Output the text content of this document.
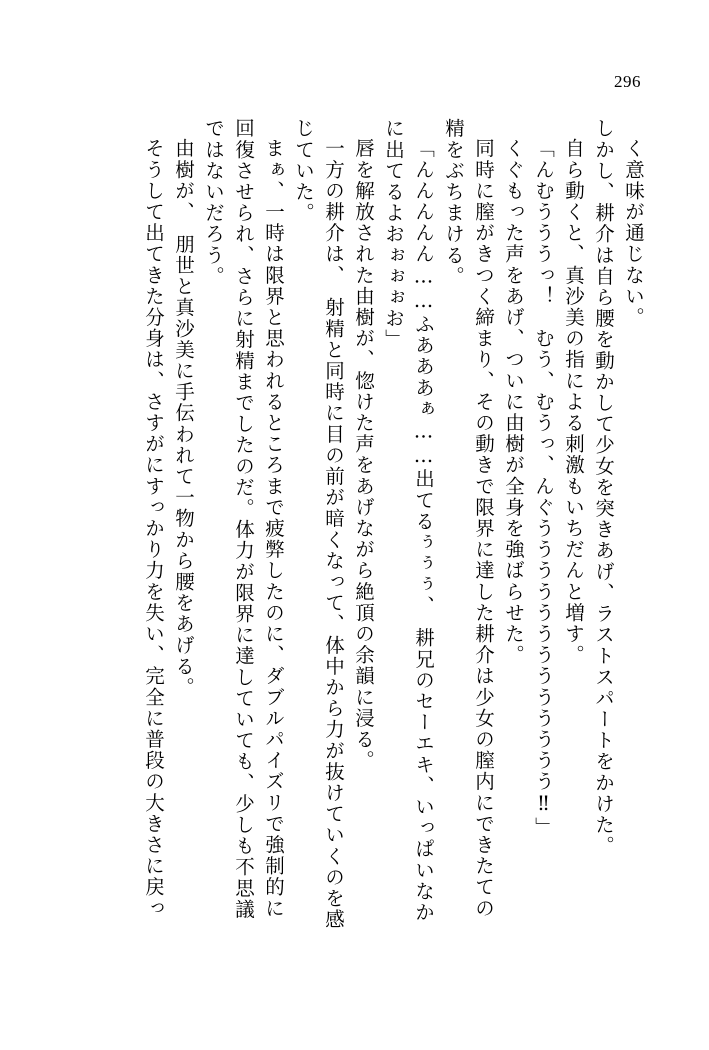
296
く意味が通じない。
しかし、耕介は自ら腰を動かして少女を突きあげ、ラストスパートをかけた。
自ら動くと、真沙美の指による刺激もいちだんと増す。
「んむうううっ！　むう、むうっ、んぐううううううううううううう‼」
くぐもった声をあげ、ついに由樹が全身を強ばらせた。
同時に膣がきつく締まり、その動きで限界に達した耕介は少女の膣内にできたての
精をぶちまける。
「んんんんん……ふあああぁ……出てるぅぅぅ、　耕兄のセーエキ、いっぱいなか
に出てるよおぉぉぉお」
唇を解放された由樹が、惚けた声をあげながら絶頂の余韻に浸る。
一方の耕介は、　射精と同時に目の前が暗くなって、体中から力が抜けていくのを感
じていた。
まぁ、一時は限界と思われるところまで疲弊したのに、ダブルパイズリで強制的に
回復させられ、さらに射精までしたのだ。体力が限界に達していても、少しも不思議
ではないだろう。
由樹が、　朋世と真沙美に手伝われて一物から腰をあげる。
そうして出てきた分身は、さすがにすっかり力を失い、完全に普段の大きさに戻っ
